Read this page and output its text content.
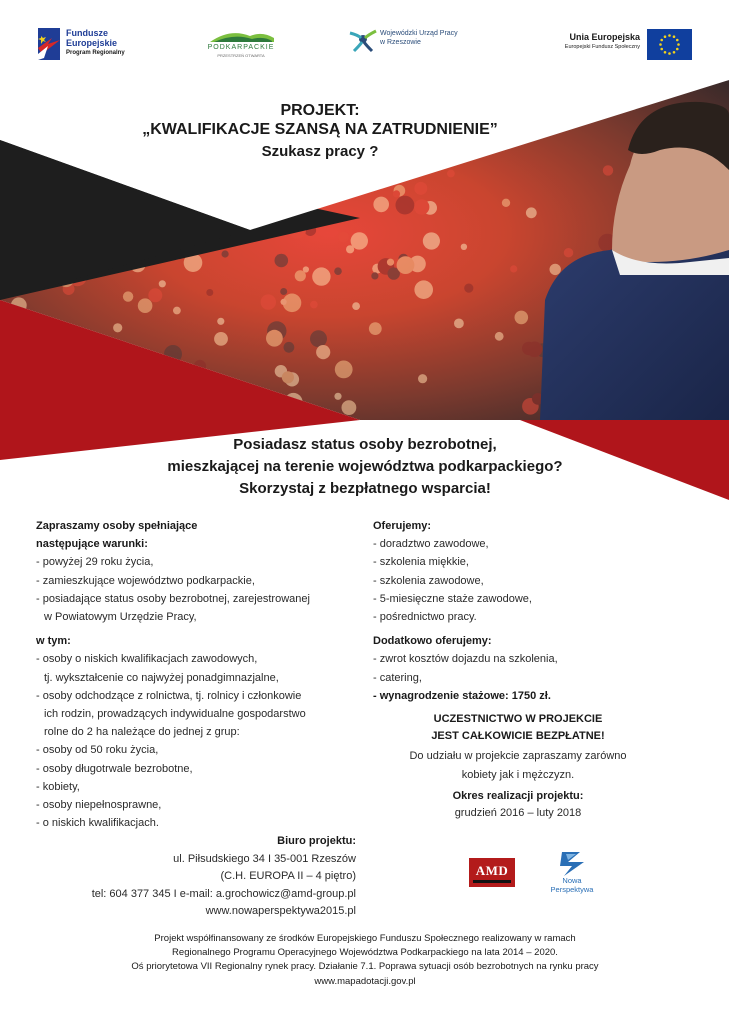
Fundusze
Europejskie
Program Regionalny
PODKARPACKIE
PRZESTRZEŃ OTWARTA
Wojewódzki Urząd Pracy
w Rzeszowie
Unia Europejska
Europejski Fundusz Społeczny
PROJEKT:
„KWALIFIKACJE SZANSĄ NA ZATRUDNIENIE”
Szukasz pracy ?
Posiadasz status osoby bezrobotnej,
mieszkającej na terenie województwa podkarpackiego?
Skorzystaj z bezpłatnego wsparcia!
Zapraszamy osoby spełniające
następujące warunki:
- powyżej 29 roku życia,
- zamieszkujące województwo podkarpackie,
- posiadające status osoby bezrobotnej, zarejestrowanej
w Powiatowym Urzędzie Pracy,
w tym:
- osoby o niskich kwalifikacjach zawodowych,
tj. wykształcenie co najwyżej ponadgimnazjalne,
- osoby odchodzące z rolnictwa, tj. rolnicy i członkowie
ich rodzin, prowadzących indywidualne gospodarstwo
rolne do 2 ha należące do jednej z grup:
- osoby od 50 roku życia,
- osoby długotrwale bezrobotne,
- kobiety,
- osoby niepełnosprawne,
- o niskich kwalifikacjach.
Oferujemy:
- doradztwo zawodowe,
- szkolenia miękkie,
- szkolenia zawodowe,
- 5-miesięczne staże zawodowe,
- pośrednictwo pracy.
Dodatkowo oferujemy:
- zwrot kosztów dojazdu na szkolenia,
- catering,
- wynagrodzenie stażowe: 1750 zł.
UCZESTNICTWO W PROJEKCIE
JEST CAŁKOWICIE BEZPŁATNE!
Do udziału w projekcie zapraszamy zarówno
kobiety jak i mężczyzn.
Okres realizacji projektu:
grudzień 2016 – luty 2018
Biuro projektu:
ul. Piłsudskiego 34 I 35-001 Rzeszów
(C.H. EUROPA II – 4 piętro)
tel: 604 377 345 I e-mail: a.grochowicz@amd-group.pl
www.nowaperspektywa2015.pl
AMD
Nowa
Perspektywa
Projekt współfinansowany ze środków Europejskiego Funduszu Społecznego realizowany w ramach
Regionalnego Programu Operacyjnego Województwa Podkarpackiego na lata 2014 – 2020.
Oś priorytetowa VII Regionalny rynek pracy. Działanie 7.1. Poprawa sytuacji osób bezrobotnych na rynku pracy
www.mapadotacji.gov.pl
